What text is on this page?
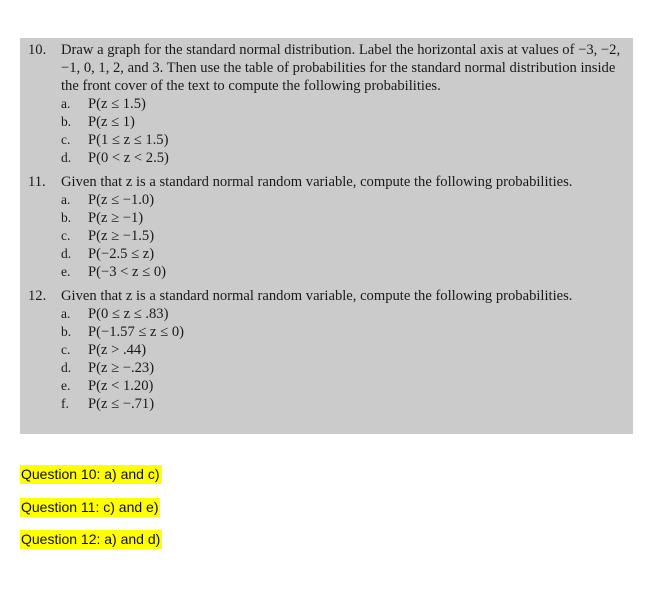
10.	Draw a graph for the standard normal distribution. Label the horizontal axis at values of −3, −2, −1, 0, 1, 2, and 3. Then use the table of probabilities for the standard normal distribution inside the front cover of the text to compute the following probabilities.
a.	P(z ≤ 1.5)
b.	P(z ≤ 1)
c.	P(1 ≤ z ≤ 1.5)
d.	P(0 < z < 2.5)
11.	Given that z is a standard normal random variable, compute the following probabilities.
a.	P(z ≤ −1.0)
b.	P(z ≥ −1)
c.	P(z ≥ −1.5)
d.	P(−2.5 ≤ z)
e.	P(−3 < z ≤ 0)
12.	Given that z is a standard normal random variable, compute the following probabilities.
a.	P(0 ≤ z ≤ .83)
b.	P(−1.57 ≤ z ≤ 0)
c.	P(z > .44)
d.	P(z ≥ −.23)
e.	P(z < 1.20)
f.	P(z ≤ −.71)
Question 10: a) and c)
Question 11: c) and e)
Question 12: a) and d)
